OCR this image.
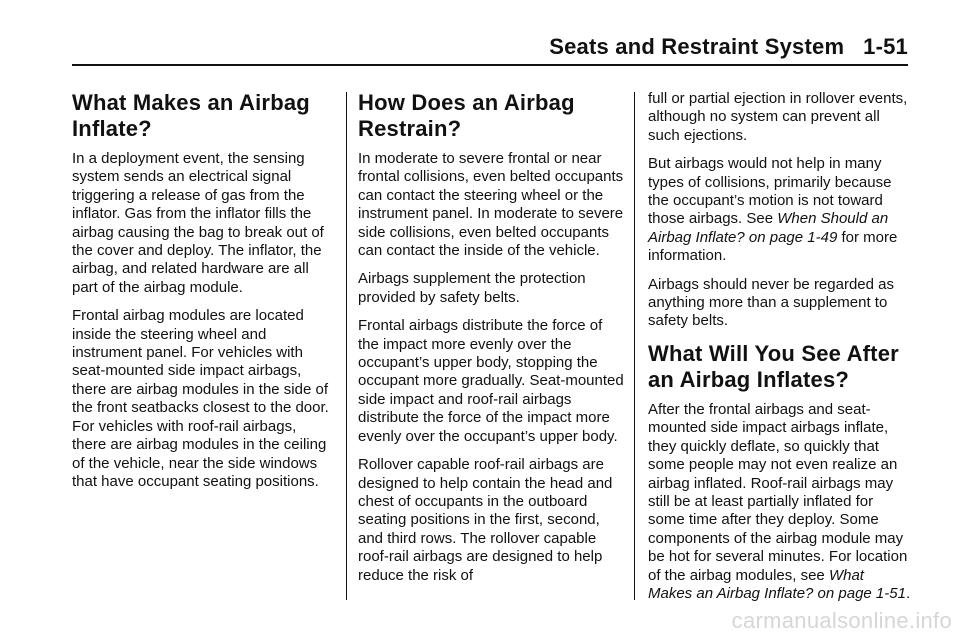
Seats and Restraint System 1-51
What Makes an Airbag Inflate?

In a deployment event, the sensing system sends an electrical signal triggering a release of gas from the inflator. Gas from the inflator fills the airbag causing the bag to break out of the cover and deploy. The inflator, the airbag, and related hardware are all part of the airbag module.

Frontal airbag modules are located inside the steering wheel and instrument panel. For vehicles with seat-mounted side impact airbags, there are airbag modules in the side of the front seatbacks closest to the door. For vehicles with roof-rail airbags, there are airbag modules in the ceiling of the vehicle, near the side windows that have occupant seating positions.

How Does an Airbag Restrain?

In moderate to severe frontal or near frontal collisions, even belted occupants can contact the steering wheel or the instrument panel. In moderate to severe side collisions, even belted occupants can contact the inside of the vehicle.

Airbags supplement the protection provided by safety belts.

Frontal airbags distribute the force of the impact more evenly over the occupant’s upper body, stopping the occupant more gradually. Seat-mounted side impact and roof-rail airbags distribute the force of the impact more evenly over the occupant’s upper body.

Rollover capable roof-rail airbags are designed to help contain the head and chest of occupants in the outboard seating positions in the first, second, and third rows. The rollover capable roof-rail airbags are designed to help reduce the risk of

full or partial ejection in rollover events, although no system can prevent all such ejections.

But airbags would not help in many types of collisions, primarily because the occupant’s motion is not toward those airbags. See When Should an Airbag Inflate? on page 1-49 for more information.

Airbags should never be regarded as anything more than a supplement to safety belts.

What Will You See After an Airbag Inflates?

After the frontal airbags and seat-mounted side impact airbags inflate, they quickly deflate, so quickly that some people may not even realize an airbag inflated. Roof-rail airbags may still be at least partially inflated for some time after they deploy. Some components of the airbag module may be hot for several minutes. For location of the airbag modules, see What Makes an Airbag Inflate? on page 1-51.

carmanualsonline.info
